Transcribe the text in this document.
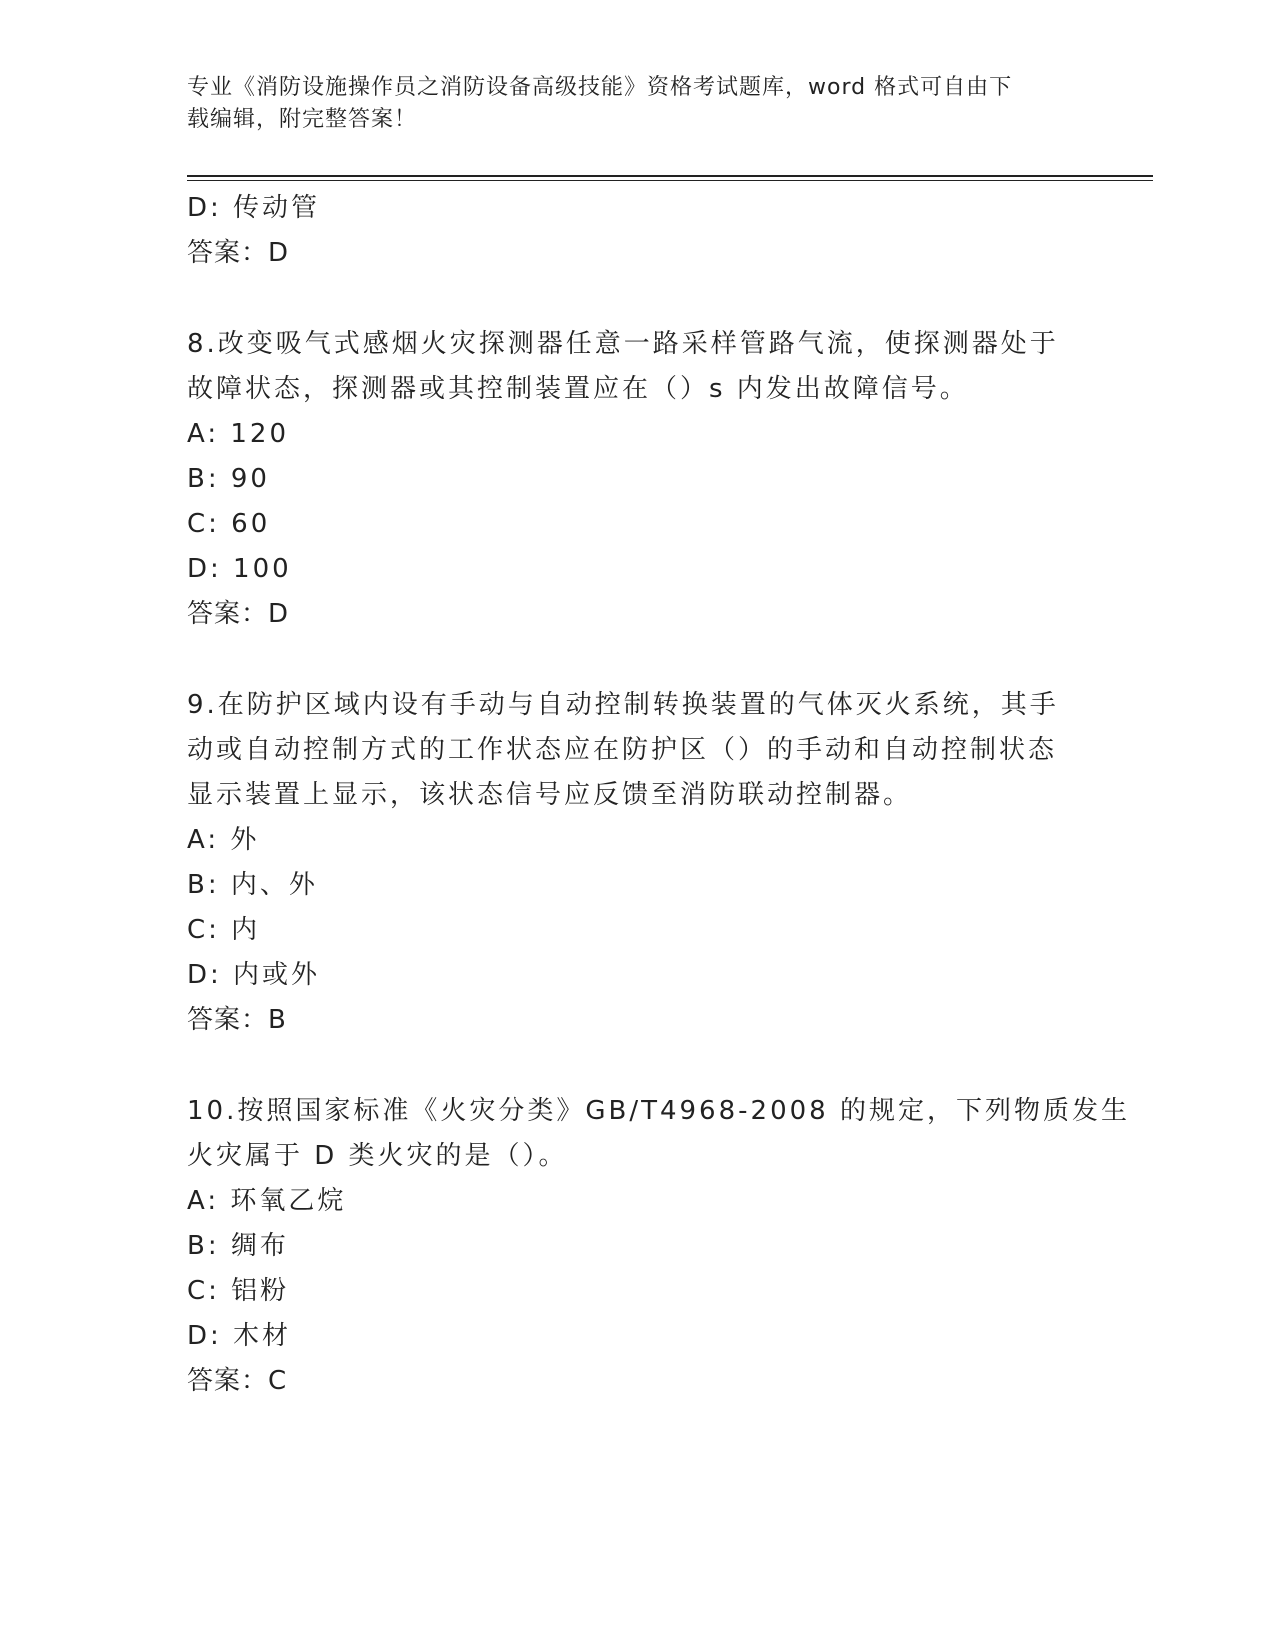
专业《消防设施操作员之消防设备高级技能》资格考试题库，word 格式可自由下
载编辑，附完整答案！
D: 传动管
答案：D
8.改变吸气式感烟火灾探测器任意一路采样管路气流，使探测器处于
故障状态，探测器或其控制装置应在（）s 内发出故障信号。
A: 120
B: 90
C: 60
D: 100
答案：D
9.在防护区域内设有手动与自动控制转换装置的气体灭火系统，其手
动或自动控制方式的工作状态应在防护区（）的手动和自动控制状态
显示装置上显示，该状态信号应反馈至消防联动控制器。
A: 外
B: 内、外
C: 内
D: 内或外
答案：B
10.按照国家标准《火灾分类》GB/T4968-2008 的规定，下列物质发生
火灾属于 D 类火灾的是（）。
A: 环氧乙烷
B: 绸布
C: 铝粉
D: 木材
答案：C
